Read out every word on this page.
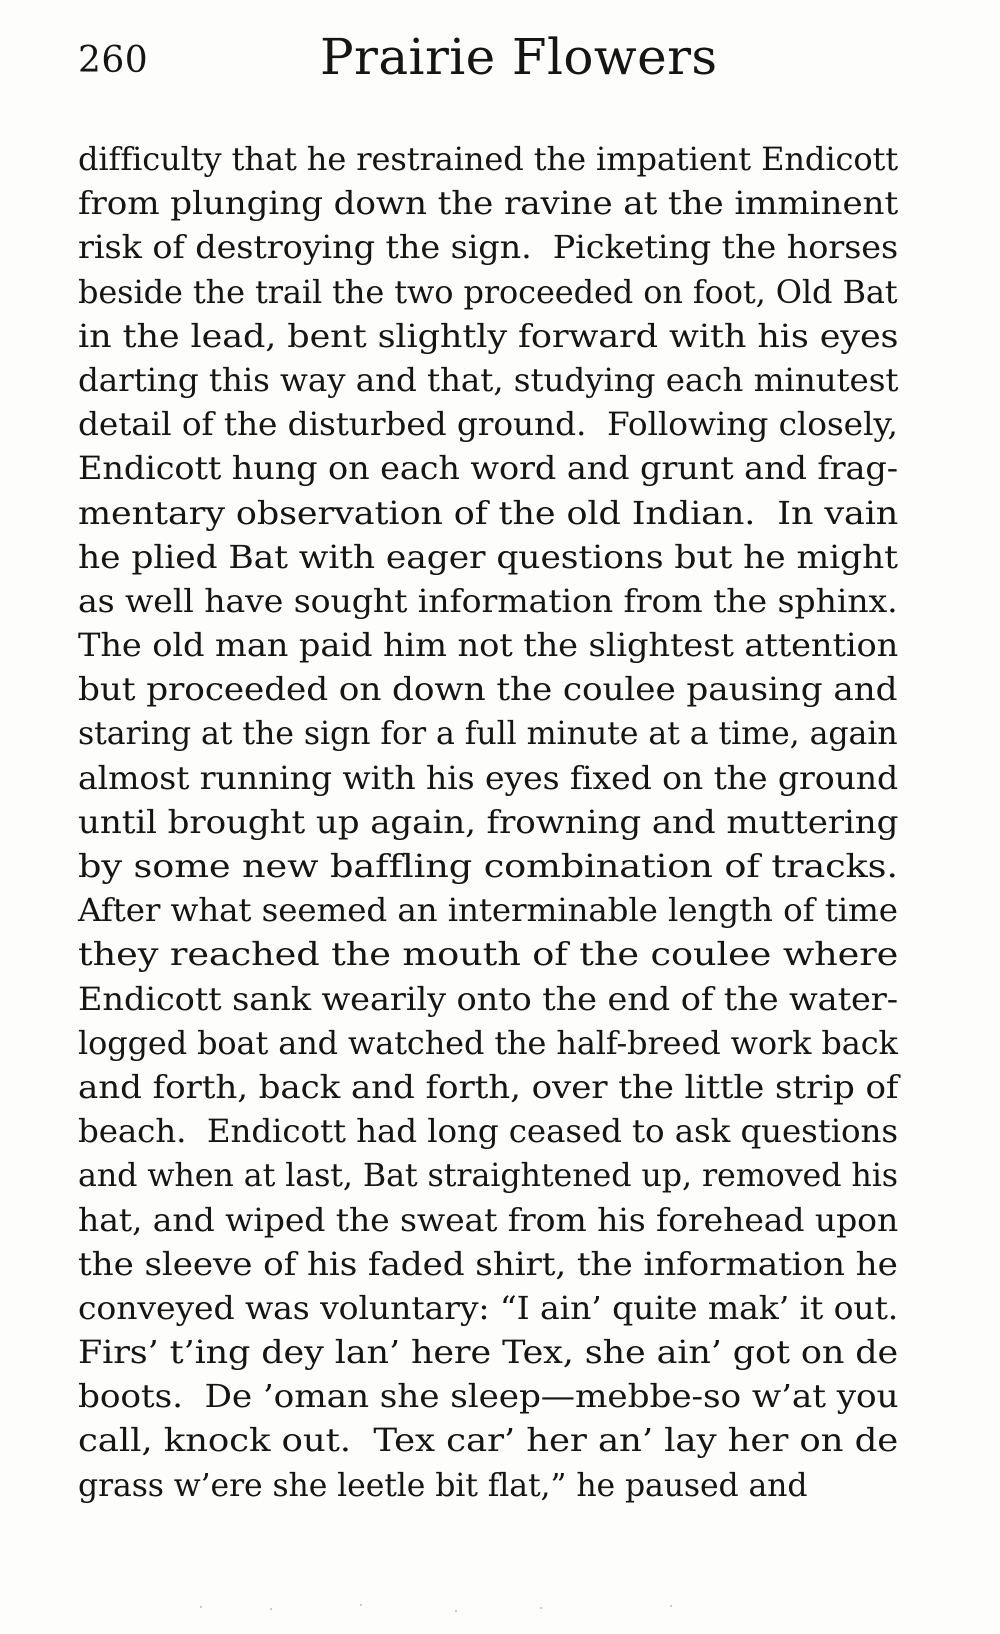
260	Prairie Flowers
difficulty that he restrained the impatient Endicott
from plunging down the ravine at the imminent
risk of destroying the sign.  Picketing the horses
beside the trail the two proceeded on foot, Old Bat
in the lead, bent slightly forward with his eyes
darting this way and that, studying each minutest
detail of the disturbed ground.  Following closely,
Endicott hung on each word and grunt and frag-
mentary observation of the old Indian.  In vain
he plied Bat with eager questions but he might
as well have sought information from the sphinx.
The old man paid him not the slightest attention
but proceeded on down the coulee pausing and
staring at the sign for a full minute at a time, again
almost running with his eyes fixed on the ground
until brought up again, frowning and muttering
by some new baffling combination of tracks.
After what seemed an interminable length of time
they reached the mouth of the coulee where
Endicott sank wearily onto the end of the water-
logged boat and watched the half-breed work back
and forth, back and forth, over the little strip of
beach.  Endicott had long ceased to ask questions
and when at last, Bat straightened up, removed his
hat, and wiped the sweat from his forehead upon
the sleeve of his faded shirt, the information he
conveyed was voluntary: “I ain’ quite mak’ it out.
Firs’ t’ing dey lan’ here Tex, she ain’ got on de
boots.  De ’oman she sleep—mebbe-so w’at you
call, knock out.  Tex car’ her an’ lay her on de
grass w’ere she leetle bit flat,” he paused and
